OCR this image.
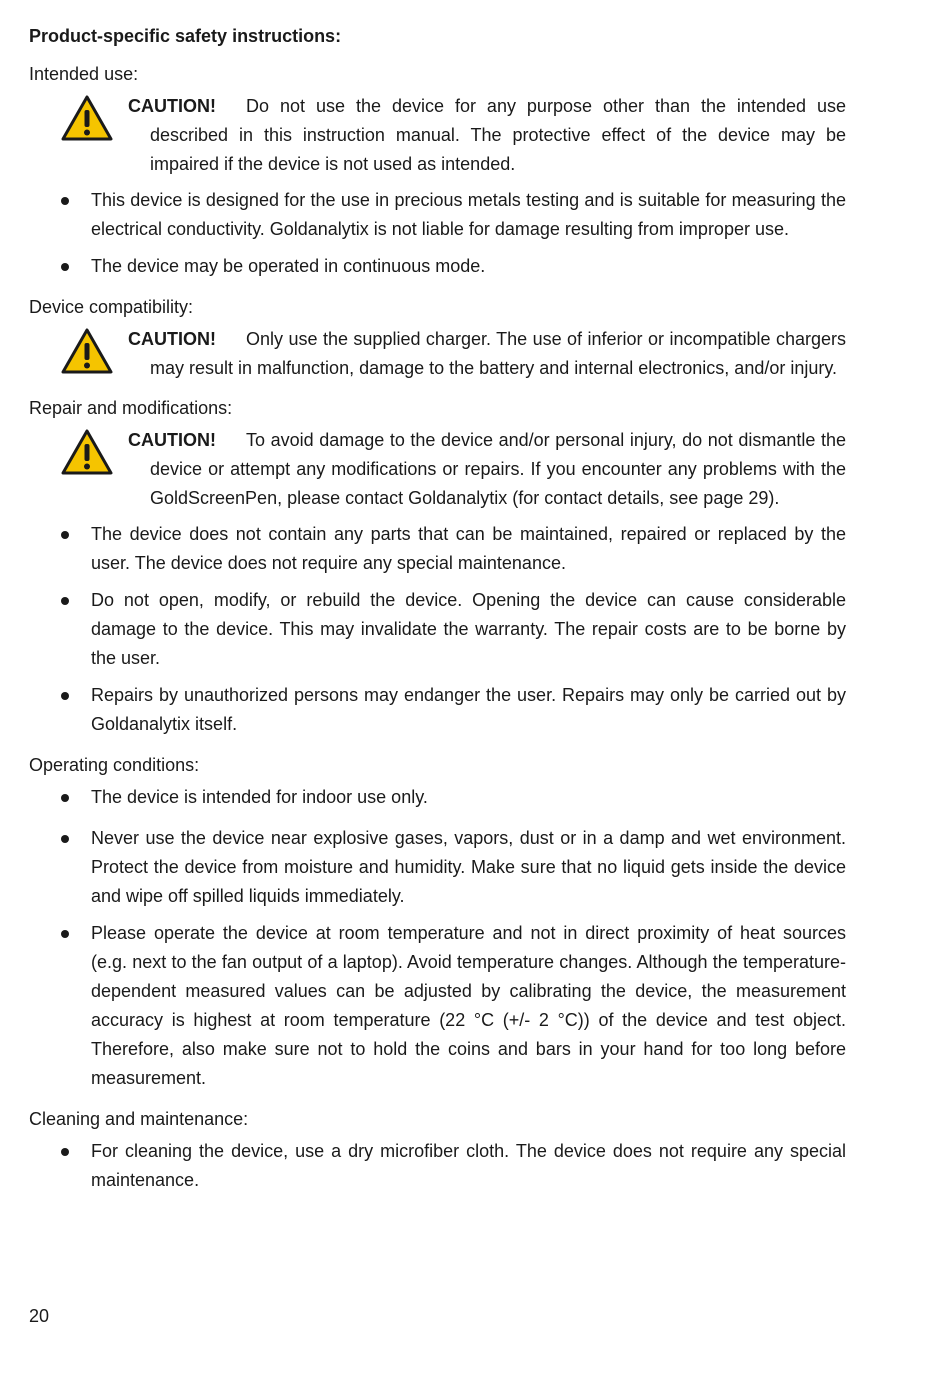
Product-specific safety instructions:

Intended use:

CAUTION! Do not use the device for any purpose other than the intended use described in this instruction manual. The protective effect of the device may be impaired if the device is not used as intended.
This device is designed for the use in precious metals testing and is suitable for measuring the electrical conductivity. Goldanalytix is not liable for damage resulting from improper use.
The device may be operated in continuous mode.

Device compatibility:

CAUTION! Only use the supplied charger. The use of inferior or incompatible chargers may result in malfunction, damage to the battery and internal electronics, and/or injury.

Repair and modifications:

CAUTION! To avoid damage to the device and/or personal injury, do not dismantle the device or attempt any modifications or repairs. If you encounter any problems with the GoldScreenPen, please contact Goldanalytix (for contact details, see page 29).
The device does not contain any parts that can be maintained, repaired or replaced by the user. The device does not require any special maintenance.
Do not open, modify, or rebuild the device. Opening the device can cause considerable damage to the device. This may invalidate the warranty. The repair costs are to be borne by the user.
Repairs by unauthorized persons may endanger the user. Repairs may only be carried out by Goldanalytix itself.

Operating conditions:

The device is intended for indoor use only.
Never use the device near explosive gases, vapors, dust or in a damp and wet environment. Protect the device from moisture and humidity. Make sure that no liquid gets inside the device and wipe off spilled liquids immediately.
Please operate the device at room temperature and not in direct proximity of heat sources (e.g. next to the fan output of a laptop). Avoid temperature changes. Although the temperature-dependent measured values can be adjusted by calibrating the device, the measurement accuracy is highest at room temperature (22 °C (+/- 2 °C)) of the device and test object. Therefore, also make sure not to hold the coins and bars in your hand for too long before measurement.

Cleaning and maintenance:

For cleaning the device, use a dry microfiber cloth. The device does not require any special maintenance.
20
